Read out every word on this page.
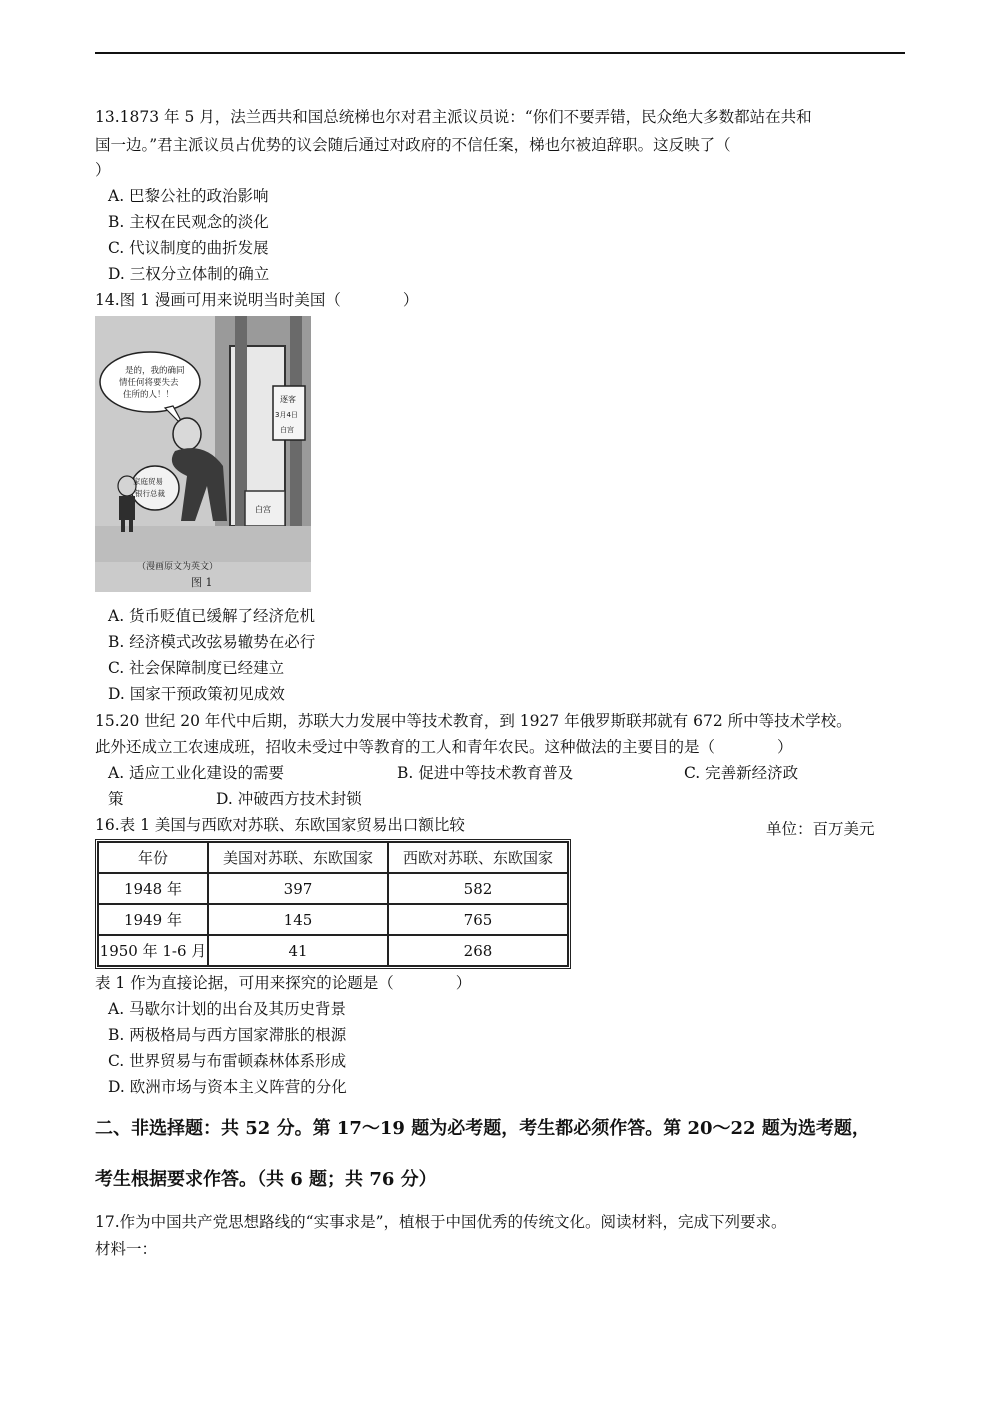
13.1873 年 5 月，法兰西共和国总统梯也尔对君主派议员说：“你们不要弄错，民众绝大多数都站在共和
国一边。”君主派议员占优势的议会随后通过对政府的不信任案，梯也尔被迫辞职。这反映了（
）
A. 巴黎公社的政治影响
B. 主权在民观念的淡化
C. 代议制度的曲折发展
D. 三权分立体制的确立
14.图 1 漫画可用来说明当时美国（　　　　）
是的，我的确同
情任何将要失去
住所的人！！	逐客
3月4日
白宫
家庭贸易
银行总裁
白宫
（漫画原文为英文）
图 1
A. 货币贬值已缓解了经济危机
B. 经济模式改弦易辙势在必行
C. 社会保障制度已经建立
D. 国家干预政策初见成效
15.20 世纪 20 年代中后期，苏联大力发展中等技术教育，到 1927 年俄罗斯联邦就有 672 所中等技术学校。
此外还成立工农速成班，招收未受过中等教育的工人和青年农民。这种做法的主要目的是（　　　　）
A. 适应工业化建设的需要	B. 促进中等技术教育普及	C. 完善新经济政
策	D. 冲破西方技术封锁
16.表 1 美国与西欧对苏联、东欧国家贸易出口额比较	单位：百万美元
年份	美国对苏联、东欧国家	西欧对苏联、东欧国家
1948 年	397	582
1949 年	145	765
1950 年 1-6 月	41	268
表 1 作为直接论据，可用来探究的论题是（　　　　）
A. 马歇尔计划的出台及其历史背景
B. 两极格局与西方国家滞胀的根源
C. 世界贸易与布雷顿森林体系形成
D. 欧洲市场与资本主义阵营的分化
二、非选择题：共 52 分。第 17～19 题为必考题，考生都必须作答。第 20～22 题为选考题，
考生根据要求作答。（共 6 题；共 76 分）
17.作为中国共产党思想路线的“实事求是”，植根于中国优秀的传统文化。阅读材料，完成下列要求。
材料一：
